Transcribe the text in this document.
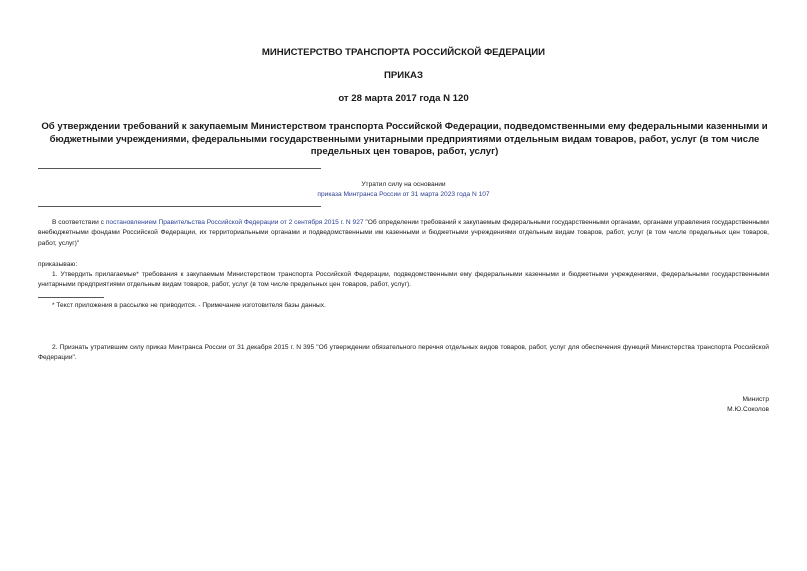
МИНИСТЕРСТВО ТРАНСПОРТА РОССИЙСКОЙ ФЕДЕРАЦИИ
ПРИКАЗ
от 28 марта 2017 года N 120
Об утверждении требований к закупаемым Министерством транспорта Российской Федерации, подведомственными ему федеральными казенными и бюджетными учреждениями, федеральными государственными унитарными предприятиями отдельным видам товаров, работ, услуг (в том числе предельных цен товаров, работ, услуг)
Утратил силу на основании
приказа Минтранса России от 31 марта 2023 года N 107
В соответствии с постановлением Правительства Российской Федерации от 2 сентября 2015 г. N 927 "Об определении требований к закупаемым федеральными государственными органами, органами управления государственными внебюджетными фондами Российской Федерации, их территориальными органами и подведомственными им казенными и бюджетными учреждениями отдельным видам товаров, работ, услуг (в том числе предельных цен товаров, работ, услуг)"
приказываю:
1. Утвердить прилагаемые* требования к закупаемым Министерством транспорта Российской Федерации, подведомственными ему федеральными казенными и бюджетными учреждениями, федеральными государственными унитарными предприятиями отдельным видам товаров, работ, услуг (в том числе предельных цен товаров, работ, услуг).
* Текст приложения в рассылке не приводится. - Примечание изготовителя базы данных.
2. Признать утратившим силу приказ Минтранса России от 31 декабря 2015 г. N 395 "Об утверждении обязательного перечня отдельных видов товаров, работ, услуг для обеспечения функций Министерства транспорта Российской Федерации".
Министр
М.Ю.Соколов
